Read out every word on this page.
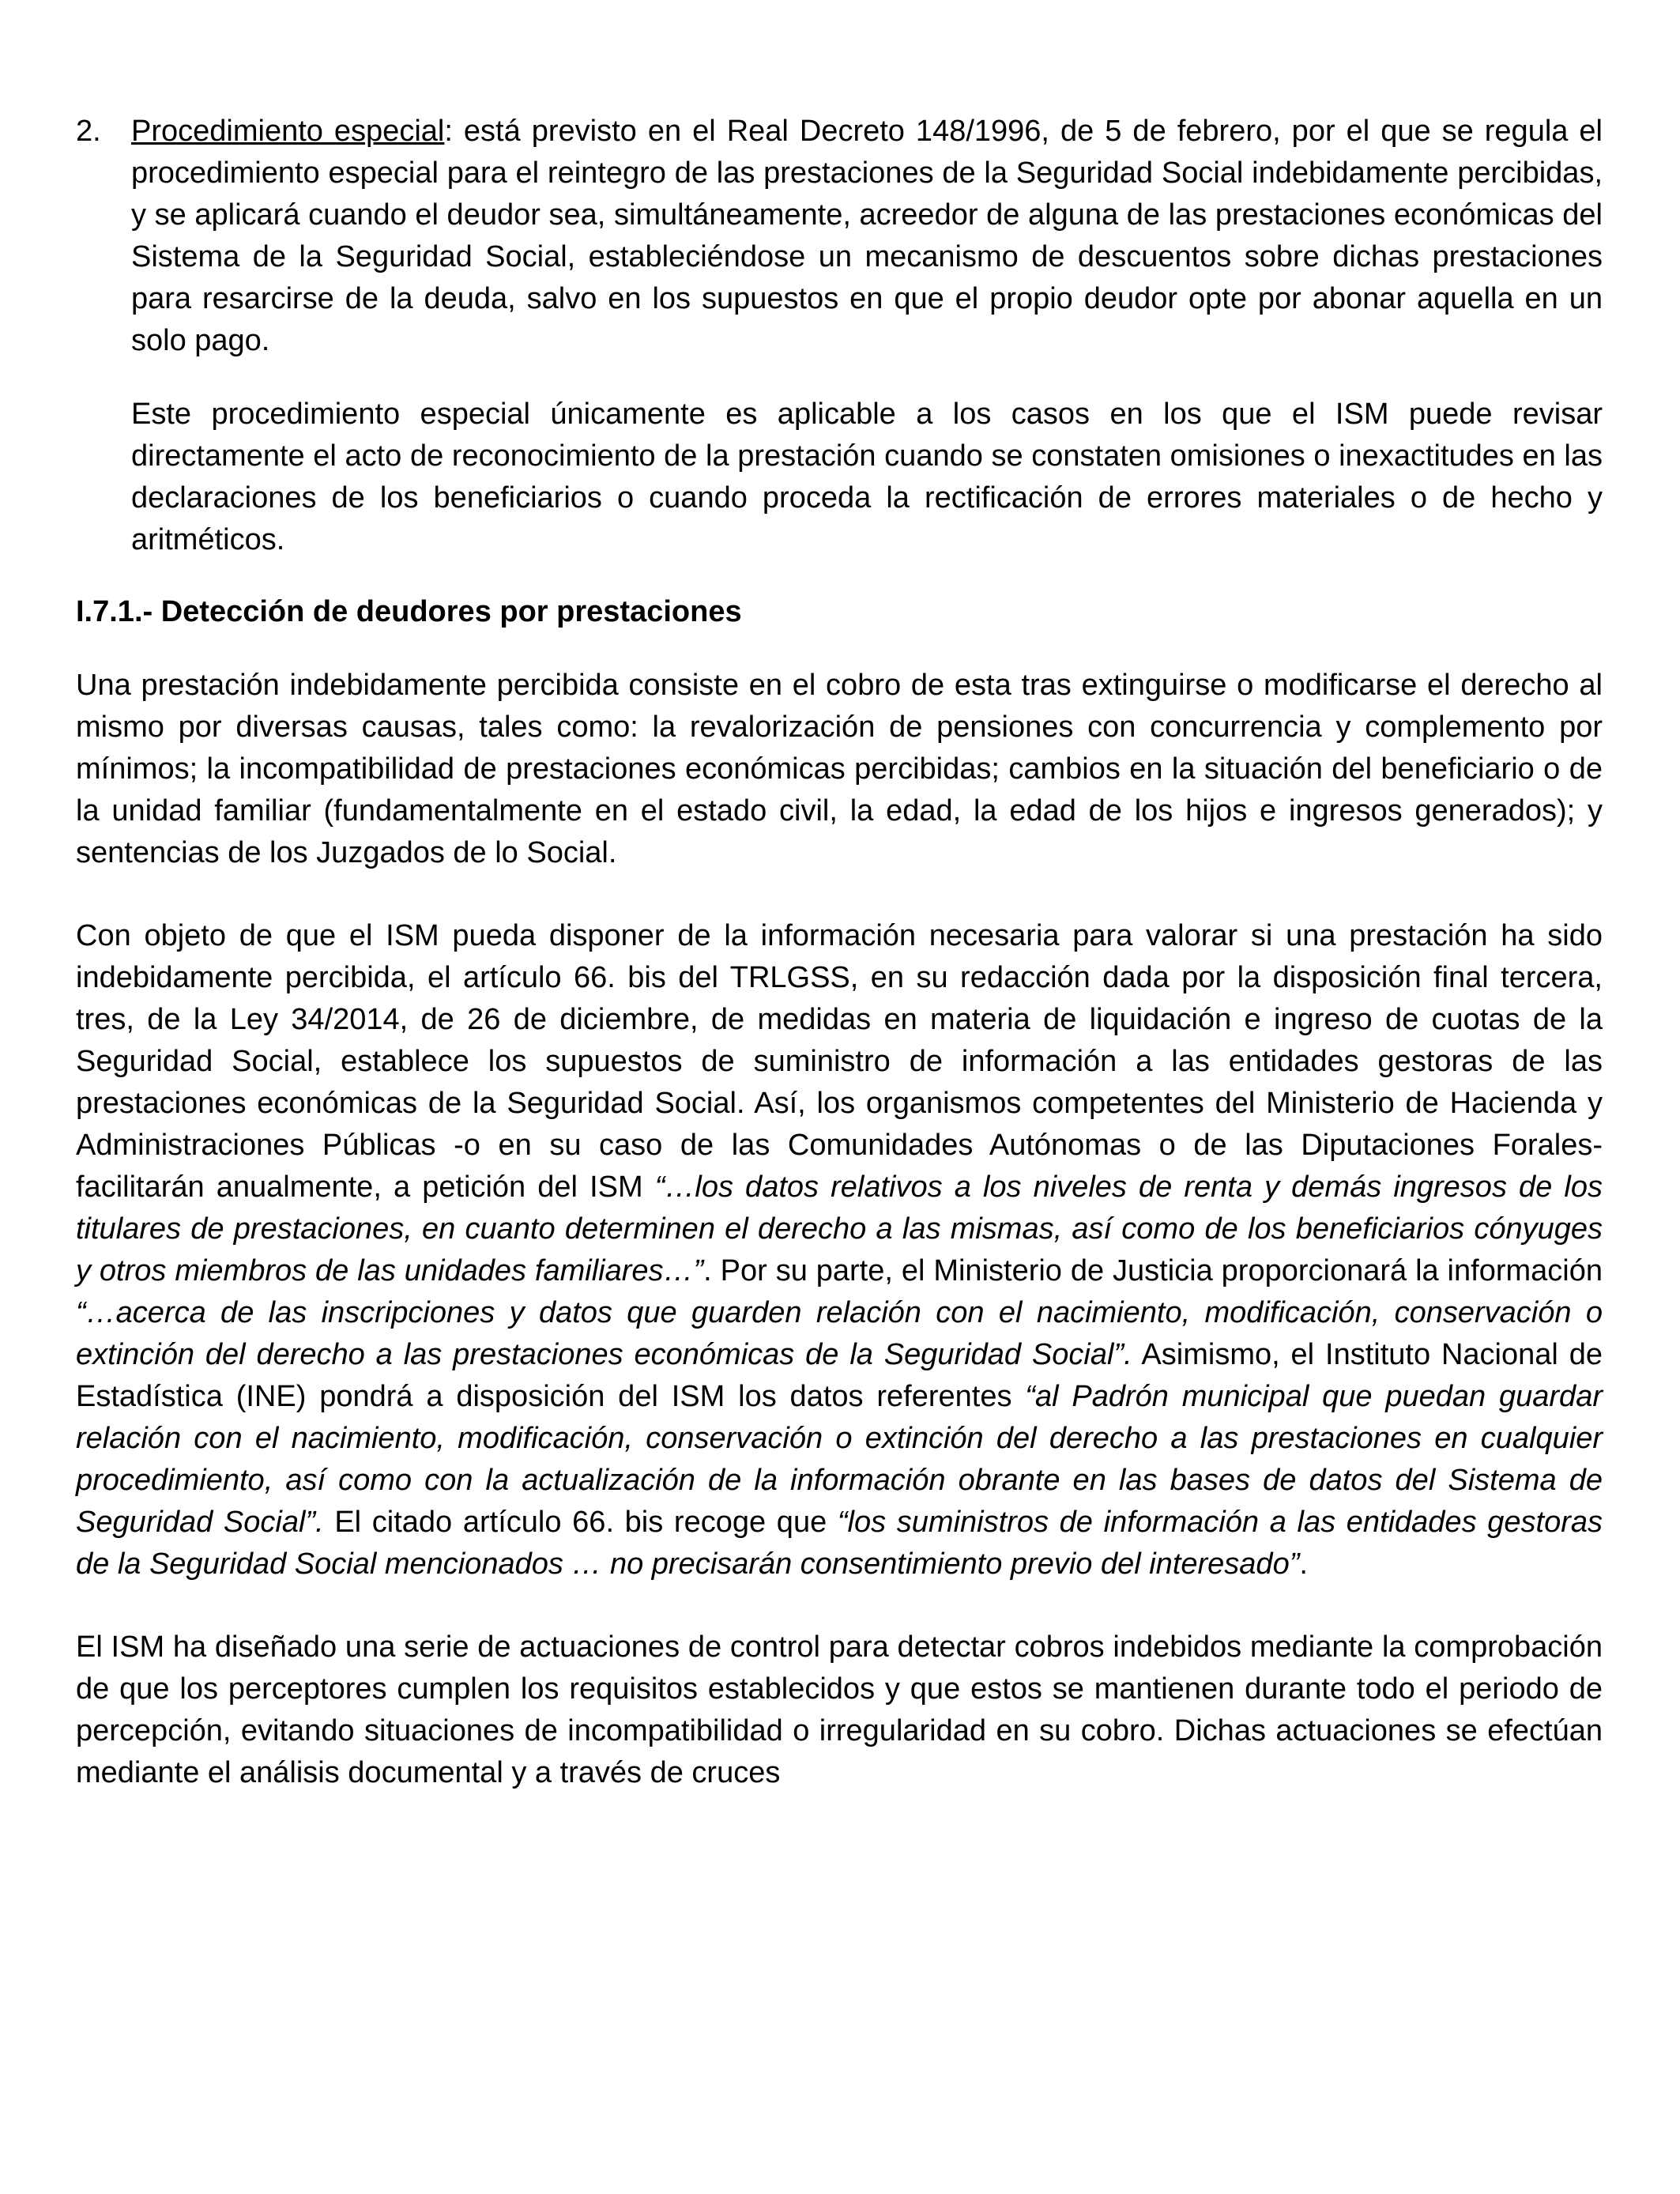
2. Procedimiento especial: está previsto en el Real Decreto 148/1996, de 5 de febrero, por el que se regula el procedimiento especial para el reintegro de las prestaciones de la Seguridad Social indebidamente percibidas, y se aplicará cuando el deudor sea, simultáneamente, acreedor de alguna de las prestaciones económicas del Sistema de la Seguridad Social, estableciéndose un mecanismo de descuentos sobre dichas prestaciones para resarcirse de la deuda, salvo en los supuestos en que el propio deudor opte por abonar aquella en un solo pago.

Este procedimiento especial únicamente es aplicable a los casos en los que el ISM puede revisar directamente el acto de reconocimiento de la prestación cuando se constaten omisiones o inexactitudes en las declaraciones de los beneficiarios o cuando proceda la rectificación de errores materiales o de hecho y aritméticos.

I.7.1.- Detección de deudores por prestaciones

Una prestación indebidamente percibida consiste en el cobro de esta tras extinguirse o modificarse el derecho al mismo por diversas causas, tales como: la revalorización de pensiones con concurrencia y complemento por mínimos; la incompatibilidad de prestaciones económicas percibidas; cambios en la situación del beneficiario o de la unidad familiar (fundamentalmente en el estado civil, la edad, la edad de los hijos e ingresos generados); y sentencias de los Juzgados de lo Social.

Con objeto de que el ISM pueda disponer de la información necesaria para valorar si una prestación ha sido indebidamente percibida, el artículo 66. bis del TRLGSS, en su redacción dada por la disposición final tercera, tres, de la Ley 34/2014, de 26 de diciembre, de medidas en materia de liquidación e ingreso de cuotas de la Seguridad Social, establece los supuestos de suministro de información a las entidades gestoras de las prestaciones económicas de la Seguridad Social. Así, los organismos competentes del Ministerio de Hacienda y Administraciones Públicas -o en su caso de las Comunidades Autónomas o de las Diputaciones Forales- facilitarán anualmente, a petición del ISM “…los datos relativos a los niveles de renta y demás ingresos de los titulares de prestaciones, en cuanto determinen el derecho a las mismas, así como de los beneficiarios cónyuges y otros miembros de las unidades familiares…”. Por su parte, el Ministerio de Justicia proporcionará la información “…acerca de las inscripciones y datos que guarden relación con el nacimiento, modificación, conservación o extinción del derecho a las prestaciones económicas de la Seguridad Social”. Asimismo, el Instituto Nacional de Estadística (INE) pondrá a disposición del ISM los datos referentes “al Padrón municipal que puedan guardar relación con el nacimiento, modificación, conservación o extinción del derecho a las prestaciones en cualquier procedimiento, así como con la actualización de la información obrante en las bases de datos del Sistema de Seguridad Social”. El citado artículo 66. bis recoge que “los suministros de información a las entidades gestoras de la Seguridad Social mencionados … no precisarán consentimiento previo del interesado”.

El ISM ha diseñado una serie de actuaciones de control para detectar cobros indebidos mediante la comprobación de que los perceptores cumplen los requisitos establecidos y que estos se mantienen durante todo el periodo de percepción, evitando situaciones de incompatibilidad o irregularidad en su cobro. Dichas actuaciones se efectúan mediante el análisis documental y a través de cruces
